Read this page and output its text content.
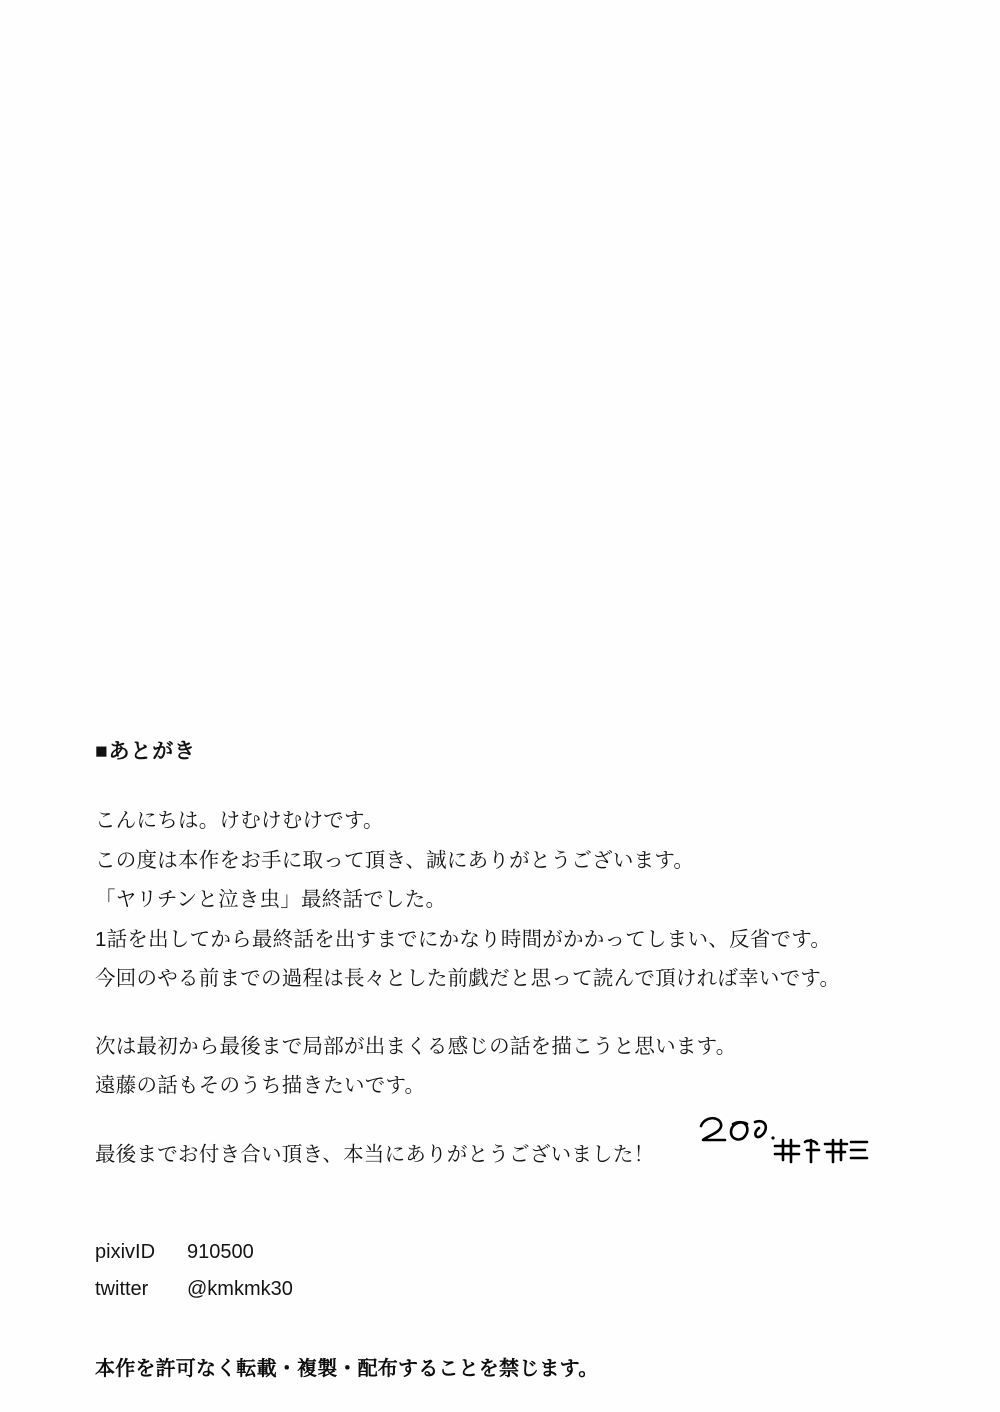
■あとがき
こんにちは。けむけむけです。
この度は本作をお手に取って頂き、誠にありがとうございます。
「ヤリチンと泣き虫」最終話でした。
1話を出してから最終話を出すまでにかなり時間がかかってしまい、反省です。
今回のやる前までの過程は長々とした前戯だと思って読んで頂ければ幸いです。
次は最初から最後まで局部が出まくる感じの話を描こうと思います。
遠藤の話もそのうち描きたいです。
最後までお付き合い頂き、本当にありがとうございました！
pixivID 910500
twitter @kmkmk30
本作を許可なく転載・複製・配布することを禁じます。
